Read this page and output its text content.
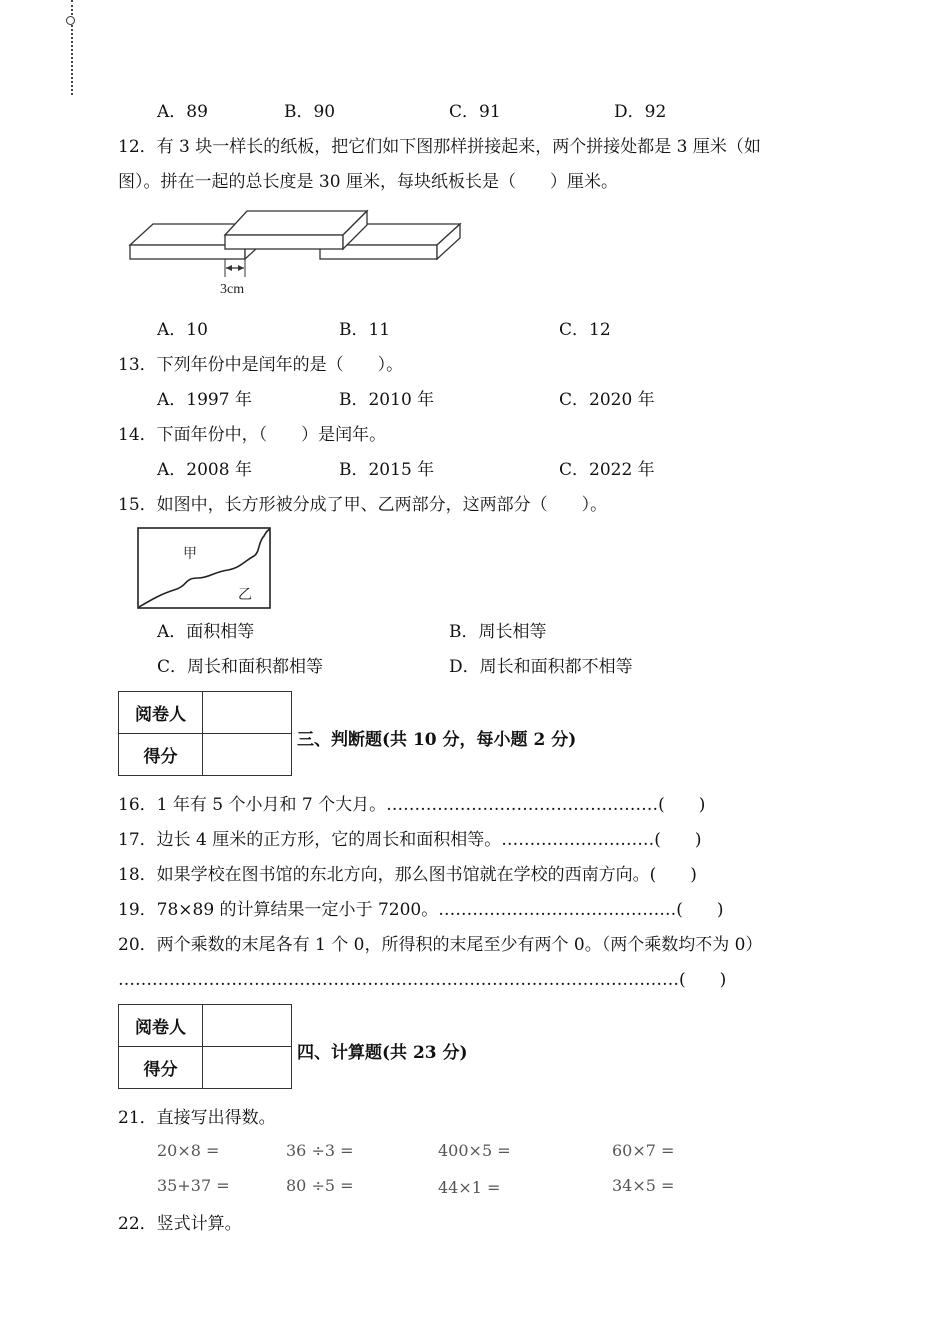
A．89	B．90	C．91	D．92
12．有 3 块一样长的纸板，把它们如下图那样拼接起来，两个拼接处都是 3 厘米（如
图）。拼在一起的总长度是 30 厘米，每块纸板长是（　　）厘米。
3cm
A．10	B．11	C．12
13．下列年份中是闰年的是（　　）。
A．1997 年	B．2010 年	C．2020 年
14．下面年份中，（　　）是闰年。
A．2008 年	B．2015 年	C．2022 年
15．如图中，长方形被分成了甲、乙两部分，这两部分（　　）。
甲
乙
A．面积相等	B．周长相等
C．周长和面积都相等	D．周长和面积都不相等
阅卷人	
得分	
三、判断题(共 10 分，每小题 2 分)
16．1 年有 5 个小月和 7 个大月。…………………………………………(　　)
17．边长 4 厘米的正方形，它的周长和面积相等。………………………(　　)
18．如果学校在图书馆的东北方向，那么图书馆就在学校的西南方向。(　　)
19．78×89 的计算结果一定小于 7200。……………………………………(　　)
20．两个乘数的末尾各有 1 个 0，所得积的末尾至少有两个 0。（两个乘数均不为 0）
………………………………………………………………………………………(　　)
阅卷人	
得分	
四、计算题(共 23 分)
21．直接写出得数。
20×8 =	36 ÷3 =	400×5 =	60×7 =
35+37 =	80 ÷5 =	44×1 =	34×5 =
22．竖式计算。
